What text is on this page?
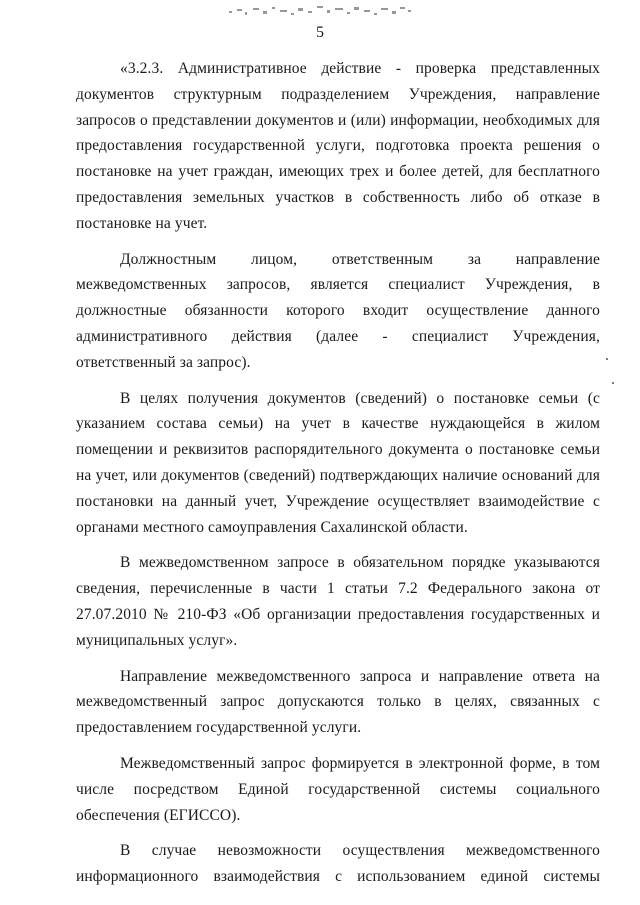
5

«3.2.3. Административное действие - проверка представленных документов структурным подразделением Учреждения, направление запросов о представлении документов и (или) информации, необходимых для предоставления государственной услуги, подготовка проекта решения о постановке на учет граждан, имеющих трех и более детей, для бесплатного предоставления земельных участков в собственность либо об отказе в постановке на учет.

Должностным лицом, ответственным за направление межведомственных запросов, является специалист Учреждения, в должностные обязанности которого входит осуществление данного административного действия (далее - специалист Учреждения, ответственный за запрос).

В целях получения документов (сведений) о постановке семьи (с указанием состава семьи) на учет в качестве нуждающейся в жилом помещении и реквизитов распорядительного документа о постановке семьи на учет, или документов (сведений) подтверждающих наличие оснований для постановки на данный учет, Учреждение осуществляет взаимодействие с органами местного самоуправления Сахалинской области.

В межведомственном запросе в обязательном порядке указываются сведения, перечисленные в части 1 статьи 7.2 Федерального закона от 27.07.2010 № 210-ФЗ «Об организации предоставления государственных и муниципальных услуг».

Направление межведомственного запроса и направление ответа на межведомственный запрос допускаются только в целях, связанных с предоставлением государственной услуги.

Межведомственный запрос формируется в электронной форме, в том числе посредством Единой государственной системы социального обеспечения (ЕГИССО).

В случае невозможности осуществления межведомственного информационного взаимодействия с использованием единой системы
